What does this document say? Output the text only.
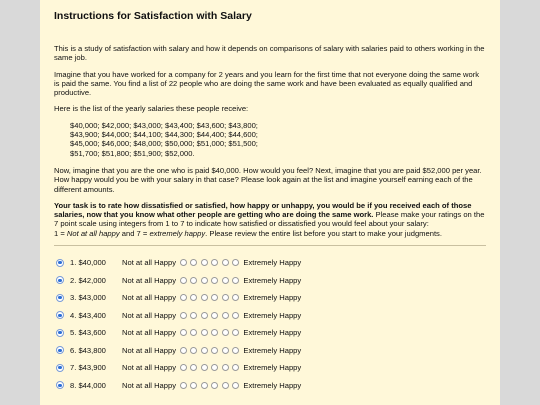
Instructions for Satisfaction with Salary

This is a study of satisfaction with salary and how it depends on comparisons of salary with salaries paid to others working in the same job.

Imagine that you have worked for a company for 2 years and you learn for the first time that not everyone doing the same work is paid the same. You find a list of 22 people who are doing the same work and have been evaluated as equally qualified and productive.

Here is the list of the yearly salaries these people receive:

$40,000; $42,000; $43,000; $43,400; $43,600; $43,800;
$43,900; $44,000; $44,100; $44,300; $44,400; $44,600;
$45,000; $46,000; $48,000; $50,000; $51,000; $51,500;
$51,700; $51,800; $51,900; $52,000.

Now, imagine that you are the one who is paid $40,000. How would you feel? Next, imagine that you are paid $52,000 per year. How happy would you be with your salary in that case? Please look again at the list and imagine yourself earning each of the different amounts.

Your task is to rate how dissatisfied or satisfied, how happy or unhappy, you would be if you received each of those salaries, now that you know what other people are getting who are doing the same work. Please make your ratings on the 7 point scale using integers from 1 to 7 to indicate how satisfied or dissatisfied you would feel about your salary:
1 = Not at all happy and 7 = extremely happy. Please review the entire list before you start to make your judgments.

1. $40,000	Not at all Happy	Extremely Happy
2. $42,000	Not at all Happy	Extremely Happy
3. $43,000	Not at all Happy	Extremely Happy
4. $43,400	Not at all Happy	Extremely Happy
5. $43,600	Not at all Happy	Extremely Happy
6. $43,800	Not at all Happy	Extremely Happy
7. $43,900	Not at all Happy	Extremely Happy
8. $44,000	Not at all Happy	Extremely Happy
